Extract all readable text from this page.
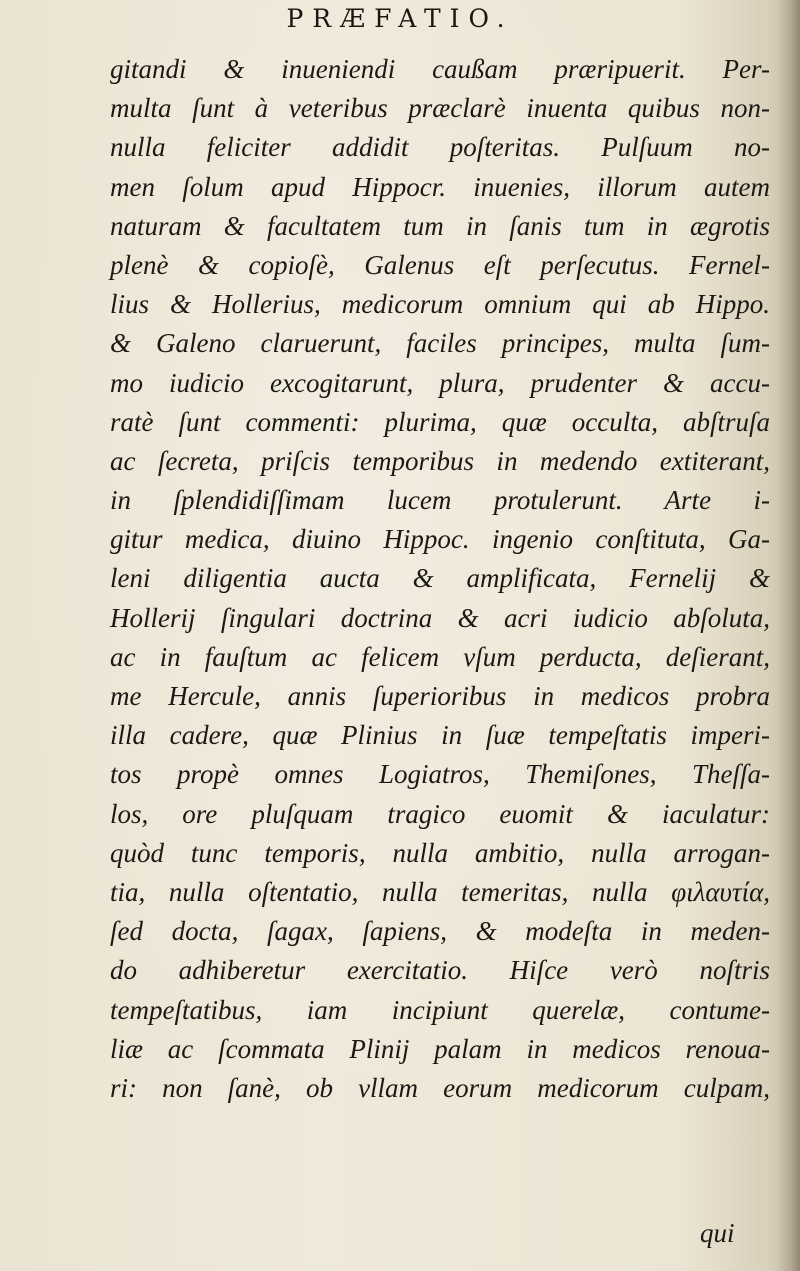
PRÆFATIO.
gitandi & inueniendi caußam præripuerit. Per-
multa ſunt à veteribus præclarè inuenta quibus non-
nulla feliciter addidit poſteritas. Pulſuum no-
men ſolum apud Hippocr. inuenies, illorum autem
naturam & facultatem tum in ſanis tum in ægrotis
plenè & copioſè, Galenus eſt perſecutus. Fernel-
lius & Hollerius, medicorum omnium qui ab Hippo.
& Galeno claruerunt, faciles principes, multa ſum-
mo iudicio excogitarunt, plura, prudenter & accu-
ratè ſunt commenti: plurima, quæ occulta, abſtruſa
ac ſecreta, priſcis temporibus in medendo extiterant,
in ſplendidiſſimam lucem protulerunt. Arte i-
gitur medica, diuino Hippoc. ingenio conſtituta, Ga-
leni diligentia aucta & amplificata, Fernelij &
Hollerij ſingulari doctrina & acri iudicio abſoluta,
ac in fauſtum ac felicem vſum perducta, deſierant,
me Hercule, annis ſuperioribus in medicos probra
illa cadere, quæ Plinius in ſuæ tempeſtatis imperi-
tos propè omnes Logiatros, Themiſones, Theſſa-
los, ore pluſquam tragico euomit & iaculatur:
quòd tunc temporis, nulla ambitio, nulla arrogan-
tia, nulla oſtentatio, nulla temeritas, nulla φιλαυτία,
ſed docta, ſagax, ſapiens, & modeſta in meden-
do adhiberetur exercitatio. Hiſce verò noſtris
tempeſtatibus, iam incipiunt querelæ, contume-
liæ ac ſcommata Plinij palam in medicos renoua-
ri: non ſanè, ob vllam eorum medicorum culpam,
qui
